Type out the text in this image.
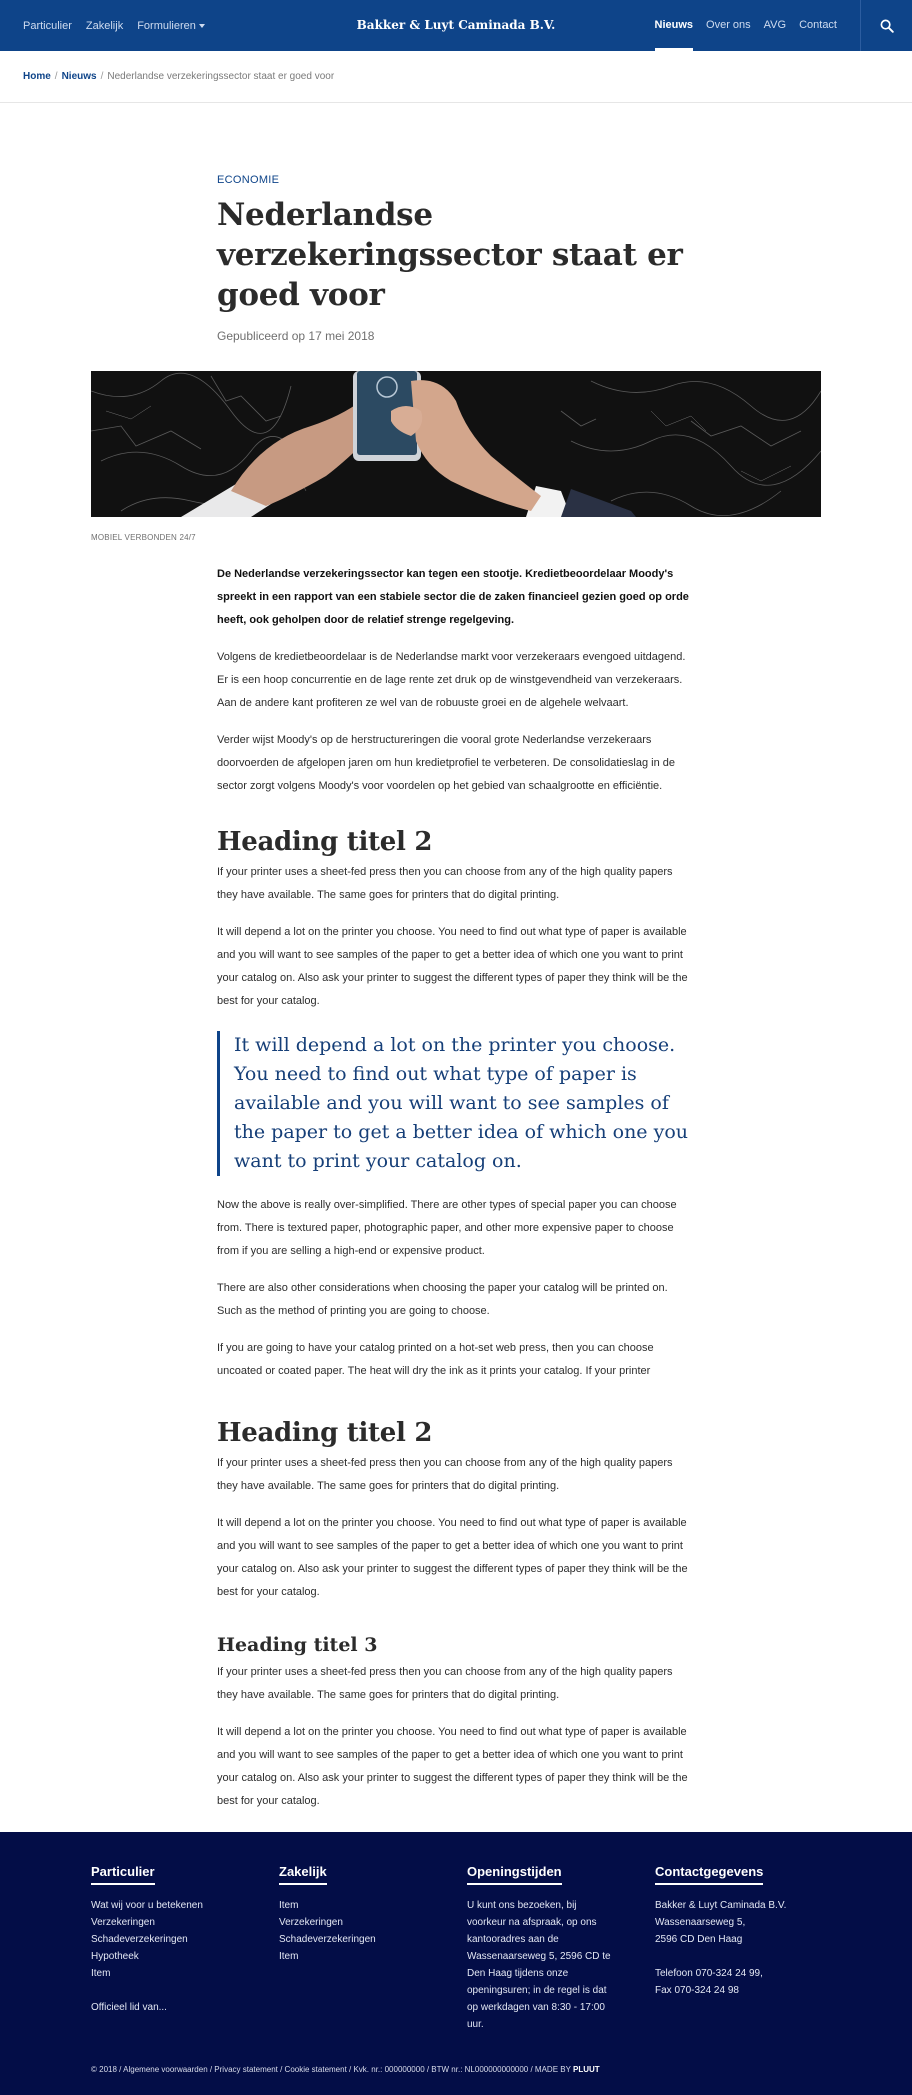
Particulier Zakelijk Formulieren	Bakker & Luyt Caminada B.V.	Nieuws Over ons AVG Contact
Home / Nieuws / Nederlandse verzekeringssector staat er goed voor
ECONOMIE
Nederlandse verzekeringssector staat er goed voor
Gepubliceerd op 17 mei 2018
MOBIEL VERBONDEN 24/7

De Nederlandse verzekeringssector kan tegen een stootje. Kredietbeoordelaar Moody's spreekt in een rapport van een stabiele sector die de zaken financieel gezien goed op orde heeft, ook geholpen door de relatief strenge regelgeving.

Volgens de kredietbeoordelaar is de Nederlandse markt voor verzekeraars evengoed uitdagend. Er is een hoop concurrentie en de lage rente zet druk op de winstgevendheid van verzekeraars. Aan de andere kant profiteren ze wel van de robuuste groei en de algehele welvaart.

Verder wijst Moody's op de herstructureringen die vooral grote Nederlandse verzekeraars doorvoerden de afgelopen jaren om hun kredietprofiel te verbeteren. De consolidatieslag in de sector zorgt volgens Moody's voor voordelen op het gebied van schaalgrootte en efficiëntie.

Heading titel 2

If your printer uses a sheet-fed press then you can choose from any of the high quality papers they have available. The same goes for printers that do digital printing.

It will depend a lot on the printer you choose. You need to find out what type of paper is available and you will want to see samples of the paper to get a better idea of which one you want to print your catalog on. Also ask your printer to suggest the different types of paper they think will be the best for your catalog.

It will depend a lot on the printer you choose. You need to find out what type of paper is available and you will want to see samples of the paper to get a better idea of which one you want to print your catalog on.

Now the above is really over-simplified. There are other types of special paper you can choose from. There is textured paper, photographic paper, and other more expensive paper to choose from if you are selling a high-end or expensive product.

There are also other considerations when choosing the paper your catalog will be printed on. Such as the method of printing you are going to choose.

If you are going to have your catalog printed on a hot-set web press, then you can choose uncoated or coated paper. The heat will dry the ink as it prints your catalog. If your printer

Heading titel 2

If your printer uses a sheet-fed press then you can choose from any of the high quality papers they have available. The same goes for printers that do digital printing.

It will depend a lot on the printer you choose. You need to find out what type of paper is available and you will want to see samples of the paper to get a better idea of which one you want to print your catalog on. Also ask your printer to suggest the different types of paper they think will be the best for your catalog.

Heading titel 3

If your printer uses a sheet-fed press then you can choose from any of the high quality papers they have available. The same goes for printers that do digital printing.

It will depend a lot on the printer you choose. You need to find out what type of paper is available and you will want to see samples of the paper to get a better idea of which one you want to print your catalog on. Also ask your printer to suggest the different types of paper they think will be the best for your catalog.

Particulier
Wat wij voor u betekenen
Verzekeringen
Schadeverzekeringen
Hypotheek
Item
Officieel lid van...
Zakelijk
Item
Verzekeringen
Schadeverzekeringen
Item
Openingstijden
U kunt ons bezoeken, bij voorkeur na afspraak, op ons kantooradres aan de Wassenaarseweg 5, 2596 CD te Den Haag tijdens onze openingsuren; in de regel is dat op werkdagen van 8:30 - 17:00 uur.
Contactgegevens
Bakker & Luyt Caminada B.V.
Wassenaarseweg 5,
2596 CD Den Haag
Telefoon 070-324 24 99,
Fax 070-324 24 98
© 2018 / Algemene voorwaarden / Privacy statement / Cookie statement / Kvk. nr.: 000000000 / BTW nr.: NL000000000000 / MADE BY PLUUT
